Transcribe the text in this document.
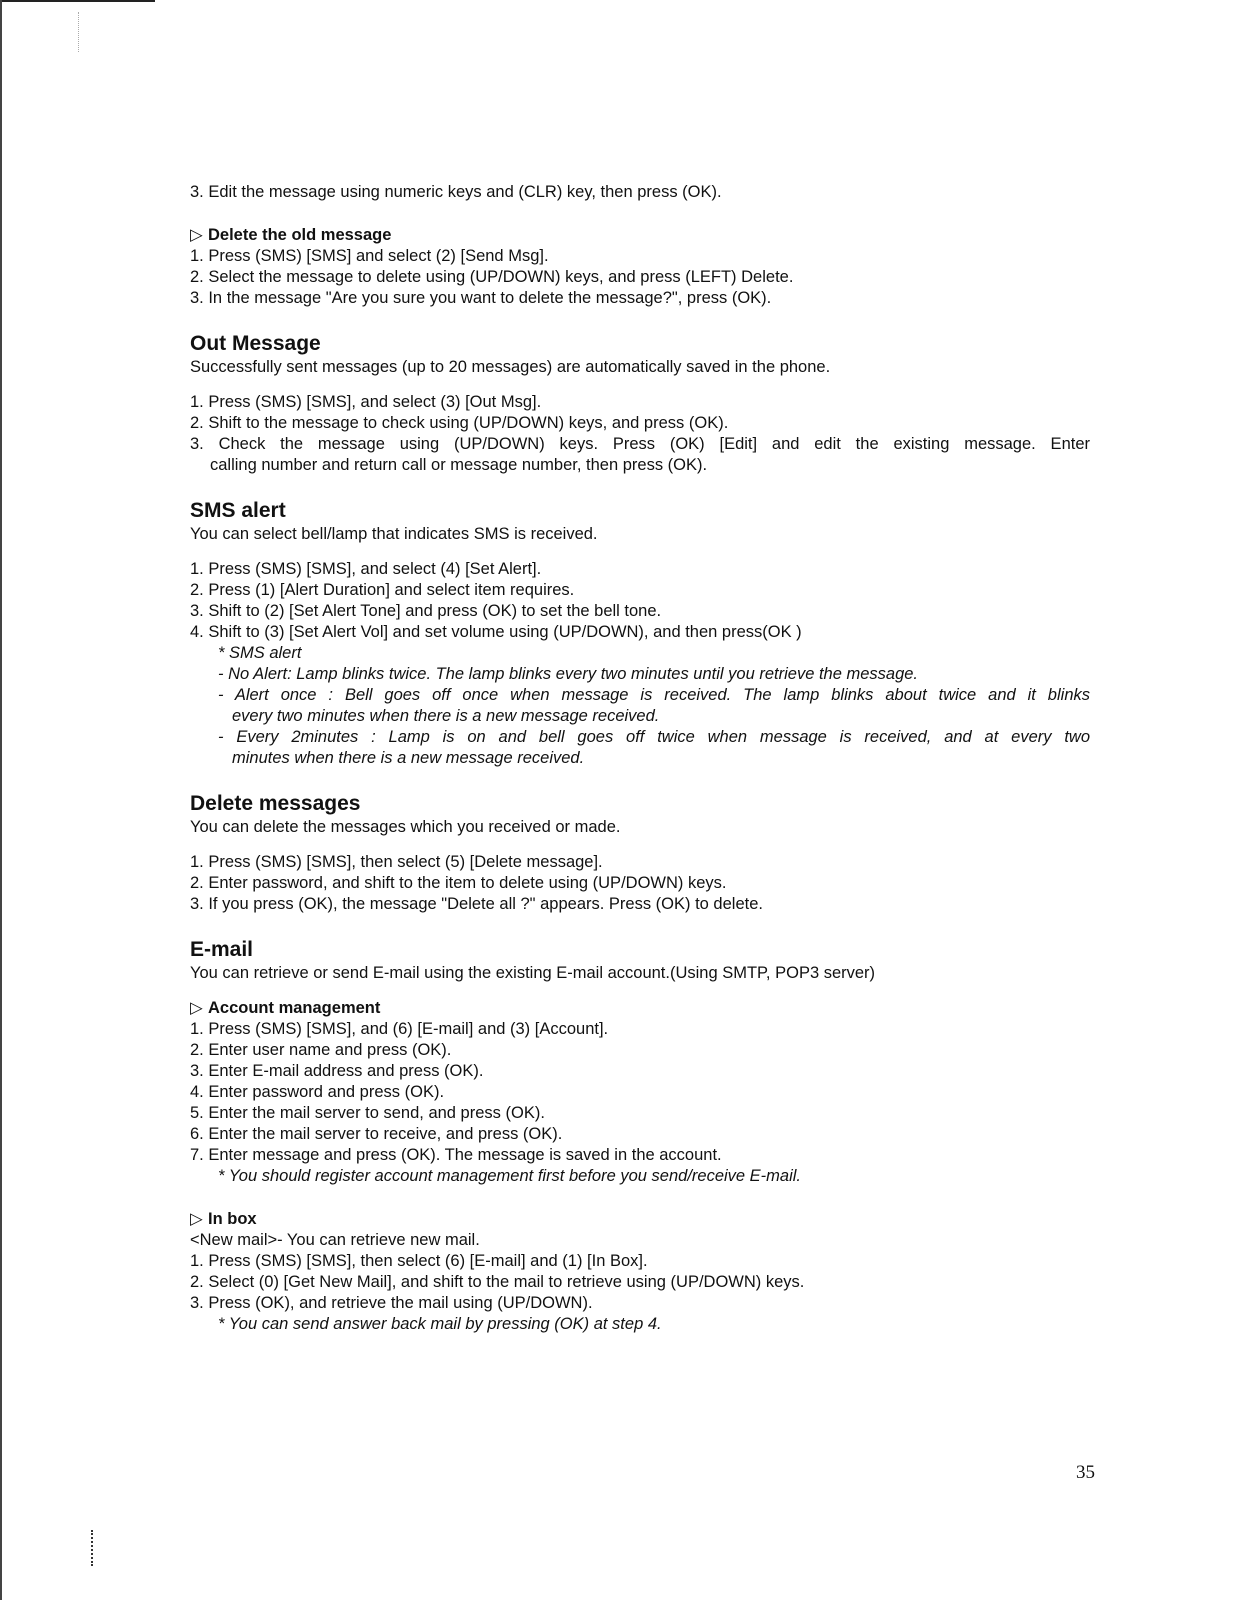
3. Edit the message using numeric keys and (CLR) key, then press (OK).

▷ Delete the old message

1. Press (SMS) [SMS] and select (2) [Send Msg].

2. Select the message to delete using (UP/DOWN) keys, and press (LEFT) Delete.

3. In the message "Are you sure you want to delete the message?", press (OK).

Out Message

Successfully sent messages (up to 20 messages) are automatically saved in the phone.

1. Press (SMS) [SMS], and select (3) [Out Msg].

2. Shift to the message to check using (UP/DOWN) keys, and press (OK).

3. Check the message using (UP/DOWN) keys. Press (OK) [Edit] and edit the existing message. Enter

calling number and return call or message number, then press (OK).

SMS alert

You can select bell/lamp that indicates SMS is received.

1. Press (SMS) [SMS], and select (4) [Set Alert].

2. Press (1) [Alert Duration] and select item requires.

3. Shift to (2) [Set Alert Tone] and press (OK) to set the bell tone.

4. Shift to (3) [Set Alert Vol] and set volume using (UP/DOWN), and then press(OK )

* SMS alert

- No Alert: Lamp blinks twice. The lamp blinks every two minutes until you retrieve the message.

- Alert once : Bell goes off once when message is received. The lamp blinks about twice and it blinks

every two minutes when there is a new message received.

- Every 2minutes : Lamp is on and bell goes off twice when message is received, and at every two

minutes when there is a new message received.

Delete messages

You can delete the messages which you received or made.

1. Press (SMS) [SMS], then select (5) [Delete message].

2. Enter password, and shift to the item to delete using (UP/DOWN) keys.

3. If you press (OK), the message "Delete all ?" appears. Press (OK) to delete.

E-mail

You can retrieve or send E-mail using the existing E-mail account.(Using SMTP, POP3 server)

▷ Account management

1. Press (SMS) [SMS], and (6) [E-mail] and (3) [Account].

2. Enter user name and press (OK).

3. Enter E-mail address and press (OK).

4. Enter password and press (OK).

5. Enter the mail server to send, and press (OK).

6. Enter the mail server to receive, and press (OK).

7. Enter message and press (OK). The message is saved in the account.

* You should register account management first before you send/receive E-mail.

▷ In box

<New mail>- You can retrieve new mail.

1. Press (SMS) [SMS], then select (6) [E-mail] and (1) [In Box].

2. Select (0) [Get New Mail], and shift to the mail to retrieve using (UP/DOWN) keys.

3. Press (OK), and retrieve the mail using (UP/DOWN).

* You can send answer back mail by pressing (OK) at step 4.

35
